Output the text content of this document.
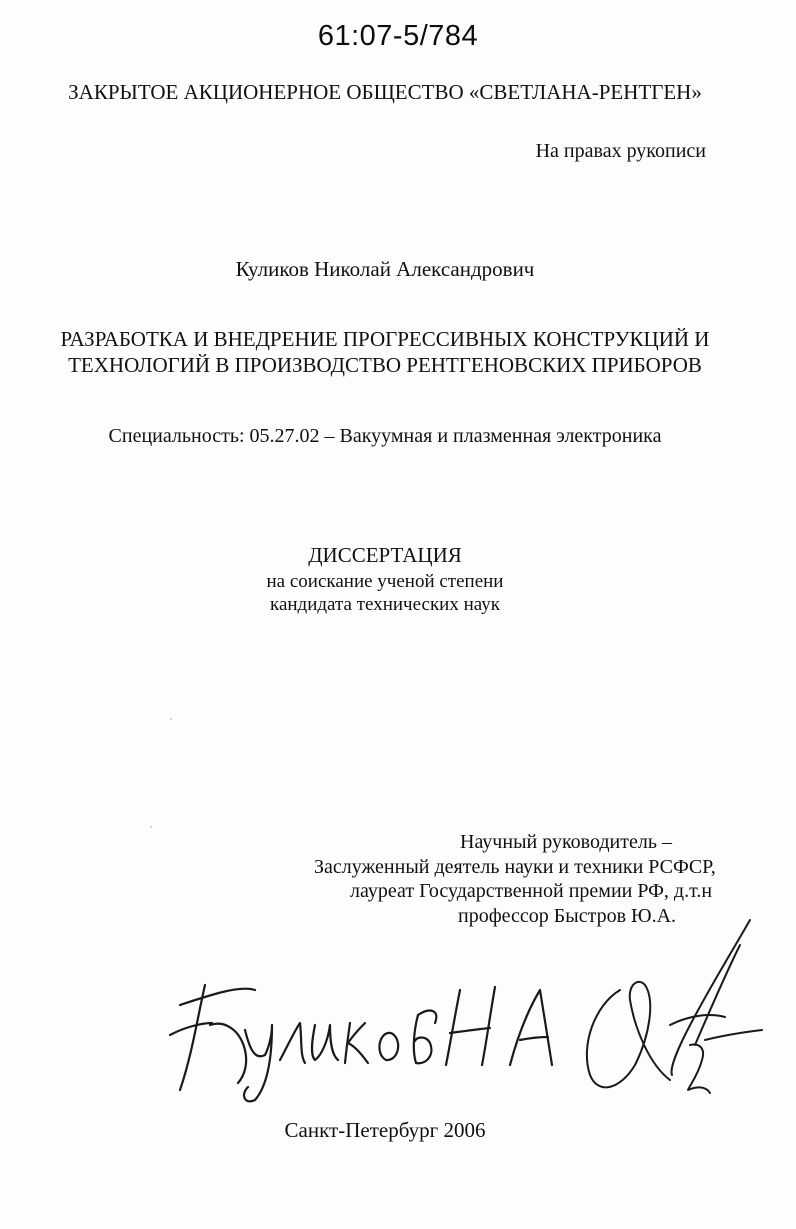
61:07-5/784
ЗАКРЫТОЕ АКЦИОНЕРНОЕ ОБЩЕСТВО «СВЕТЛАНА-РЕНТГЕН»
На правах рукописи
Куликов Николай Александрович
РАЗРАБОТКА И ВНЕДРЕНИЕ ПРОГРЕССИВНЫХ КОНСТРУКЦИЙ И
ТЕХНОЛОГИЙ В ПРОИЗВОДСТВО РЕНТГЕНОВСКИХ ПРИБОРОВ
Специальность: 05.27.02 – Вакуумная и плазменная электроника
ДИССЕРТАЦИЯ
на соискание ученой степени
кандидата технических наук
Научный руководитель –
Заслуженный деятель науки и техники РСФСР,
лауреат Государственной премии РФ, д.т.н
профессор Быстров Ю.А.
Санкт-Петербург 2006
